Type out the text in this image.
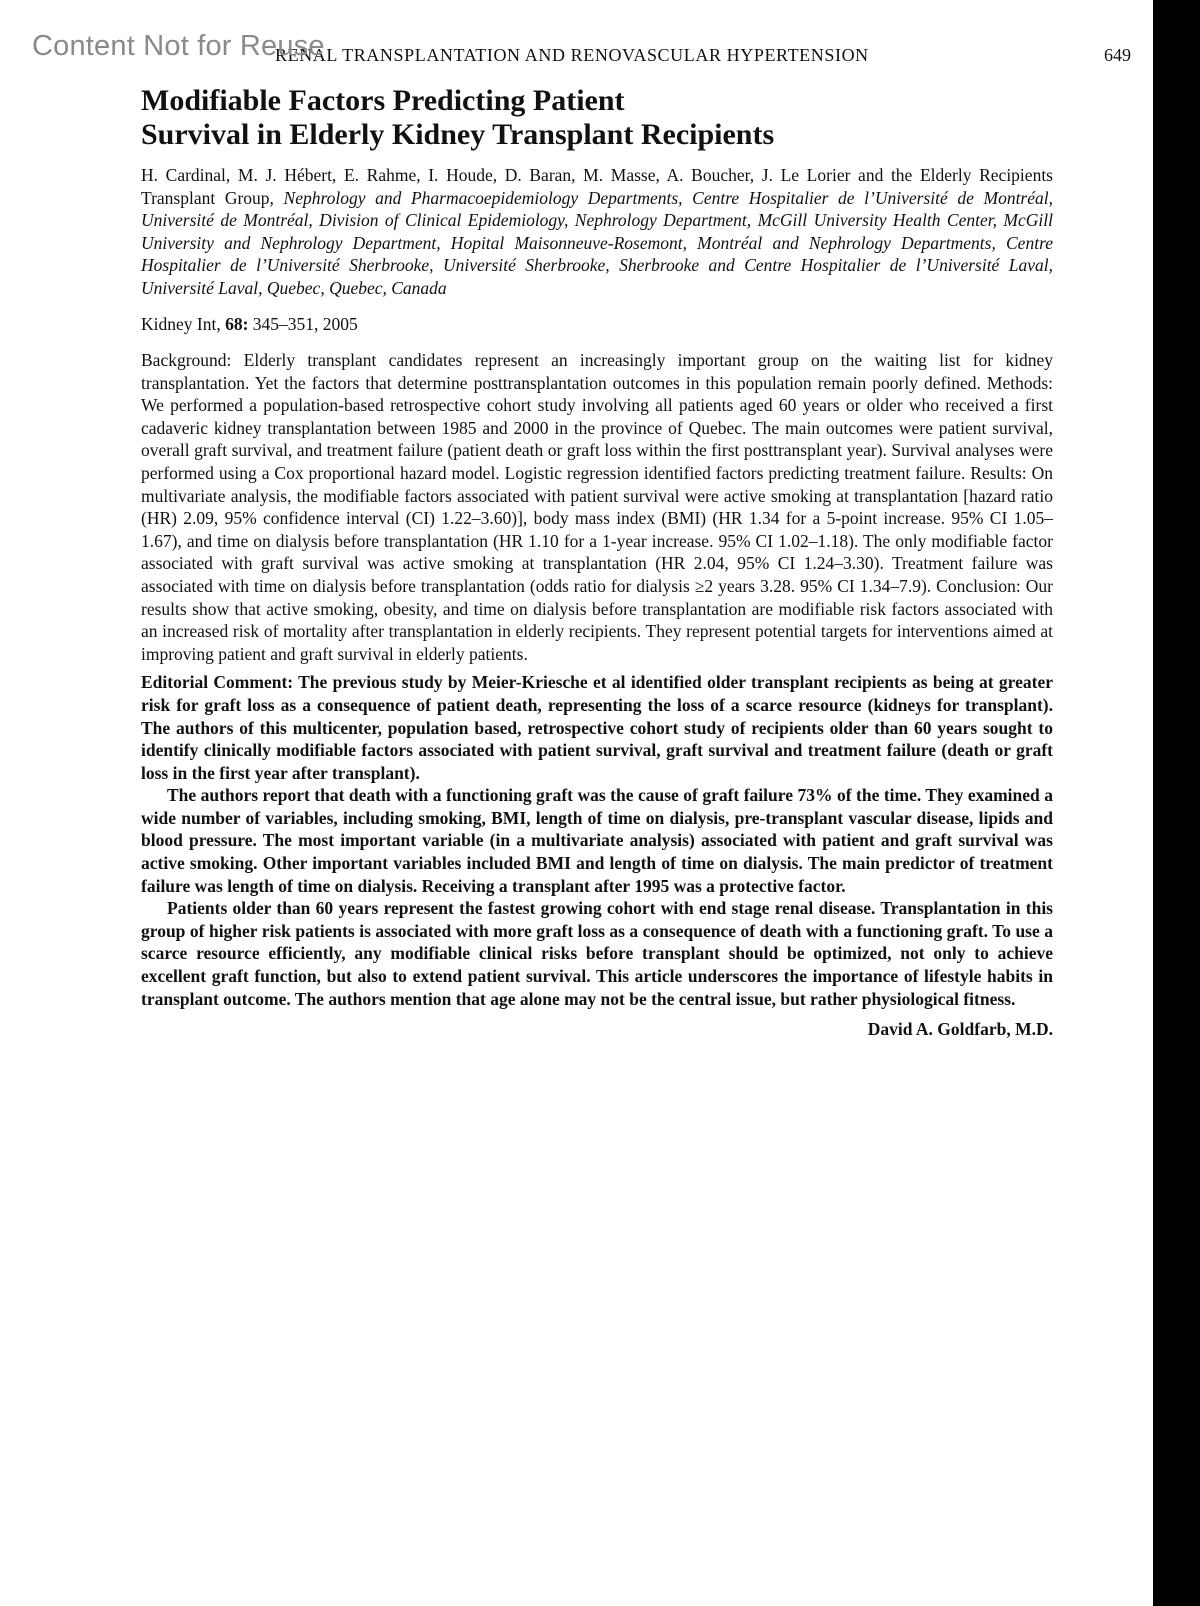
Content Not for Reuse
RENAL TRANSPLANTATION AND RENOVASCULAR HYPERTENSION	649
Modifiable Factors Predicting Patient
Survival in Elderly Kidney Transplant Recipients

H. Cardinal, M. J. Hébert, E. Rahme, I. Houde, D. Baran, M. Masse, A. Boucher, J. Le Lorier and the Elderly Recipients Transplant Group, Nephrology and Pharmacoepidemiology Departments, Centre Hospitalier de l’Université de Montréal, Université de Montréal, Division of Clinical Epidemiology, Nephrology Department, McGill University Health Center, McGill University and Nephrology Department, Hopital Maisonneuve-Rosemont, Montréal and Nephrology Departments, Centre Hospitalier de l’Université Sherbrooke, Université Sherbrooke, Sherbrooke and Centre Hospitalier de l’Université Laval, Université Laval, Quebec, Quebec, Canada

Kidney Int, 68: 345–351, 2005

Background: Elderly transplant candidates represent an increasingly important group on the waiting list for kidney transplantation. Yet the factors that determine posttransplantation outcomes in this population remain poorly defined. Methods: We performed a population-based retrospective cohort study involving all patients aged 60 years or older who received a first cadaveric kidney transplantation between 1985 and 2000 in the province of Quebec. The main outcomes were patient survival, overall graft survival, and treatment failure (patient death or graft loss within the first posttransplant year). Survival analyses were performed using a Cox proportional hazard model. Logistic regression identified factors predicting treatment failure. Results: On multivariate analysis, the modifiable factors associated with patient survival were active smoking at transplantation [hazard ratio (HR) 2.09, 95% confidence interval (CI) 1.22–3.60)], body mass index (BMI) (HR 1.34 for a 5-point increase. 95% CI 1.05–1.67), and time on dialysis before transplantation (HR 1.10 for a 1-year increase. 95% CI 1.02–1.18). The only modifiable factor associated with graft survival was active smoking at transplantation (HR 2.04, 95% CI 1.24–3.30). Treatment failure was associated with time on dialysis before transplantation (odds ratio for dialysis ≥2 years 3.28. 95% CI 1.34–7.9). Conclusion: Our results show that active smoking, obesity, and time on dialysis before transplantation are modifiable risk factors associated with an increased risk of mortality after transplantation in elderly recipients. They represent potential targets for interventions aimed at improving patient and graft survival in elderly patients.

Editorial Comment: The previous study by Meier-Kriesche et al identified older transplant recipients as being at greater risk for graft loss as a consequence of patient death, representing the loss of a scarce resource (kidneys for transplant). The authors of this multicenter, population based, retrospective cohort study of recipients older than 60 years sought to identify clinically modifiable factors associated with patient survival, graft survival and treatment failure (death or graft loss in the first year after transplant).

The authors report that death with a functioning graft was the cause of graft failure 73% of the time. They examined a wide number of variables, including smoking, BMI, length of time on dialysis, pre-transplant vascular disease, lipids and blood pressure. The most important variable (in a multivariate analysis) associated with patient and graft survival was active smoking. Other important variables included BMI and length of time on dialysis. The main predictor of treatment failure was length of time on dialysis. Receiving a transplant after 1995 was a protective factor.

Patients older than 60 years represent the fastest growing cohort with end stage renal disease. Transplantation in this group of higher risk patients is associated with more graft loss as a consequence of death with a functioning graft. To use a scarce resource efficiently, any modifiable clinical risks before transplant should be optimized, not only to achieve excellent graft function, but also to extend patient survival. This article underscores the importance of lifestyle habits in transplant outcome. The authors mention that age alone may not be the central issue, but rather physiological fitness.

David A. Goldfarb, M.D.
